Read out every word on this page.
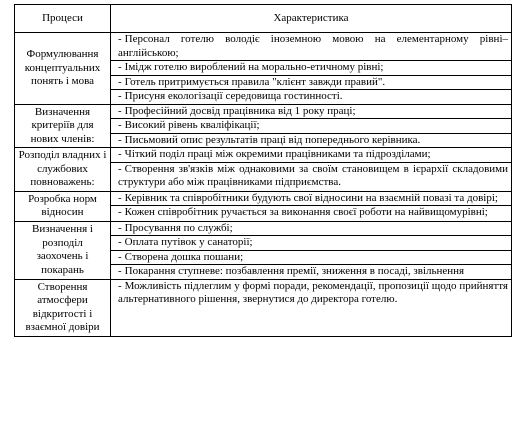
Процеси	Характеристика
Формулювання концептуальних понять і мова	- Персонал готелю володіє іноземною мовою на елементарному рівні– англійською;
- Імідж готелю вироблений на морально-етичному рівні;
- Готель притримується правила "клієнт завжди правий".
- Присуня екологізації середовища гостинності.

Визначення критеріїв для нових членів:	- Професійний досвід працівника від 1 року праці;
- Високий рівень кваліфікації;
- Письмовий опис результатів праці від попереднього керівника.

Розподіл владних і службових повноважень:	- Чіткий поділ праці між окремими працівниками та підрозділами;
- Створення зв'язків між однаковими за своїм становищем в ієрархії складовими структури або між працівниками підприємства.

Розробка норм відносин	- Керівник та співробітники будують свої відносини на взаємній повазі та довірі;
- Кожен співробітник ручається за виконання своєї роботи на найвищомурівні;

Визначення і розподіл заохочень і покарань	- Просування по службі;
- Оплата путівок у санаторії;
- Створена дошка пошани;
- Покарання ступневе: позбавлення премії, зниження в посаді, звільнення

Створення атмосфери відкритості і взаємної довіри	- Можливість підлеглим у формі поради, рекомендації, пропозиції щодо прийняття альтернативного рішення, звернутися до директора готелю.
